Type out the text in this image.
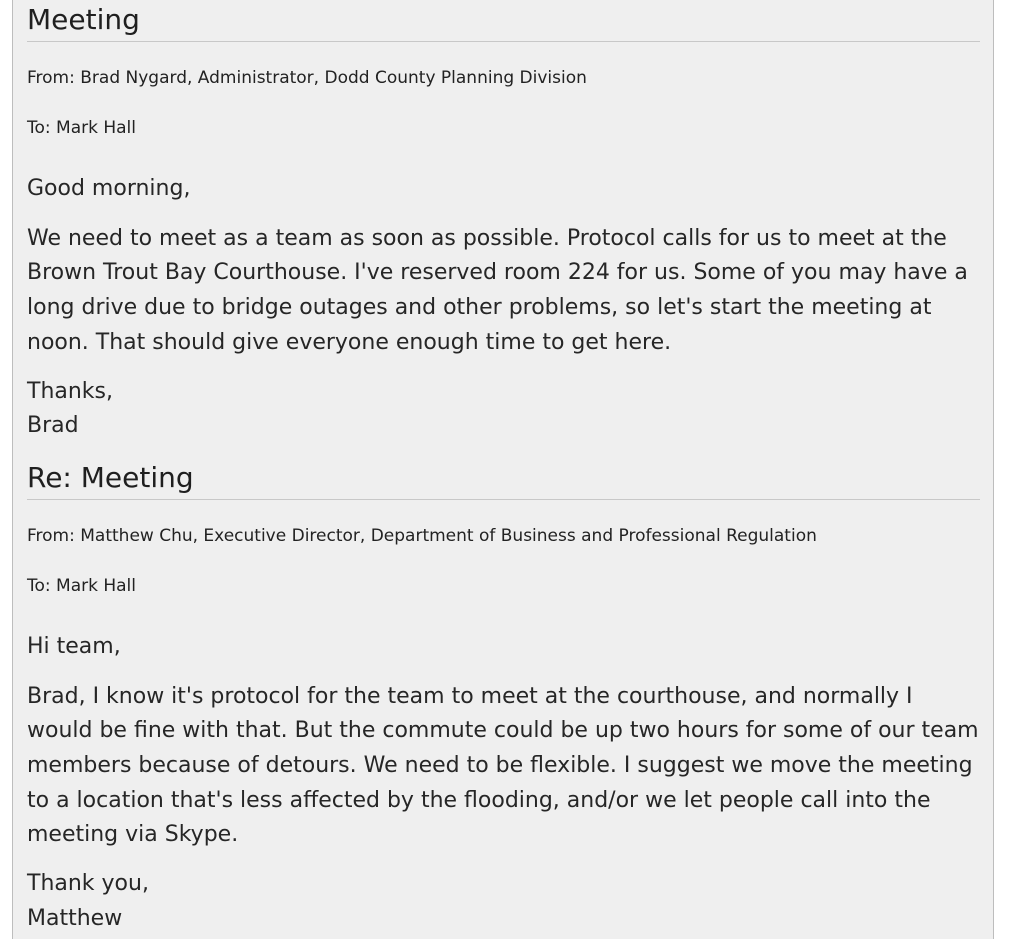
Meeting

From: Brad Nygard, Administrator, Dodd County Planning Division

To: Mark Hall

Good morning,

We need to meet as a team as soon as possible. Protocol calls for us to meet at the Brown Trout Bay Courthouse. I've reserved room 224 for us. Some of you may have a long drive due to bridge outages and other problems, so let's start the meeting at noon. That should give everyone enough time to get here.

Thanks,

Brad

Re: Meeting

From: Matthew Chu, Executive Director, Department of Business and Professional Regulation

To: Mark Hall

Hi team,

Brad, I know it's protocol for the team to meet at the courthouse, and normally I would be fine with that. But the commute could be up two hours for some of our team members because of detours. We need to be flexible. I suggest we move the meeting to a location that's less affected by the flooding, and/or we let people call into the meeting via Skype.

Thank you,

Matthew
